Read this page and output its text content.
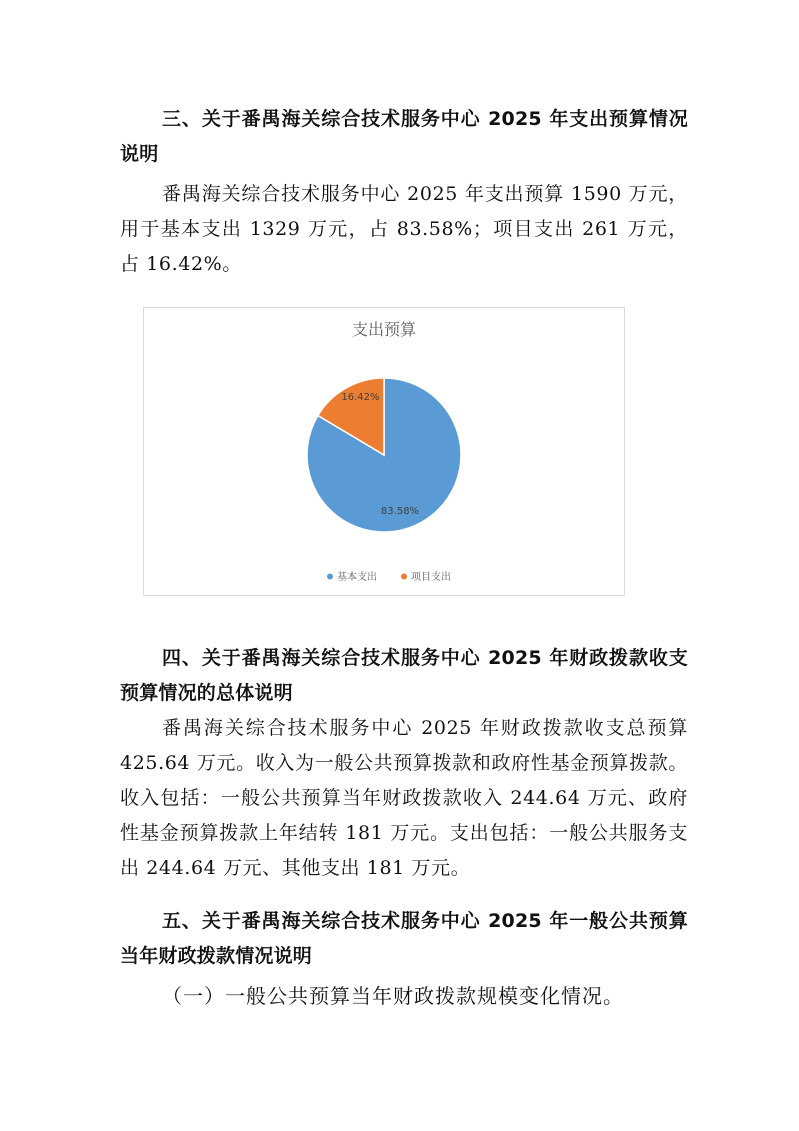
三、关于番禺海关综合技术服务中心 2025 年支出预算情况说明

番禺海关综合技术服务中心 2025 年支出预算 1590 万元，用于基本支出 1329 万元，占 83.58%；项目支出 261 万元，占 16.42%。

支出预算
83.58%
16.42%
基本支出	项目支出

四、关于番禺海关综合技术服务中心 2025 年财政拨款收支预算情况的总体说明

番禺海关综合技术服务中心 2025 年财政拨款收支总预算 425.64 万元。收入为一般公共预算拨款和政府性基金预算拨款。收入包括：一般公共预算当年财政拨款收入 244.64 万元、政府性基金预算拨款上年结转 181 万元。支出包括：一般公共服务支出 244.64 万元、其他支出 181 万元。

五、关于番禺海关综合技术服务中心 2025 年一般公共预算当年财政拨款情况说明

（一）一般公共预算当年财政拨款规模变化情况。
